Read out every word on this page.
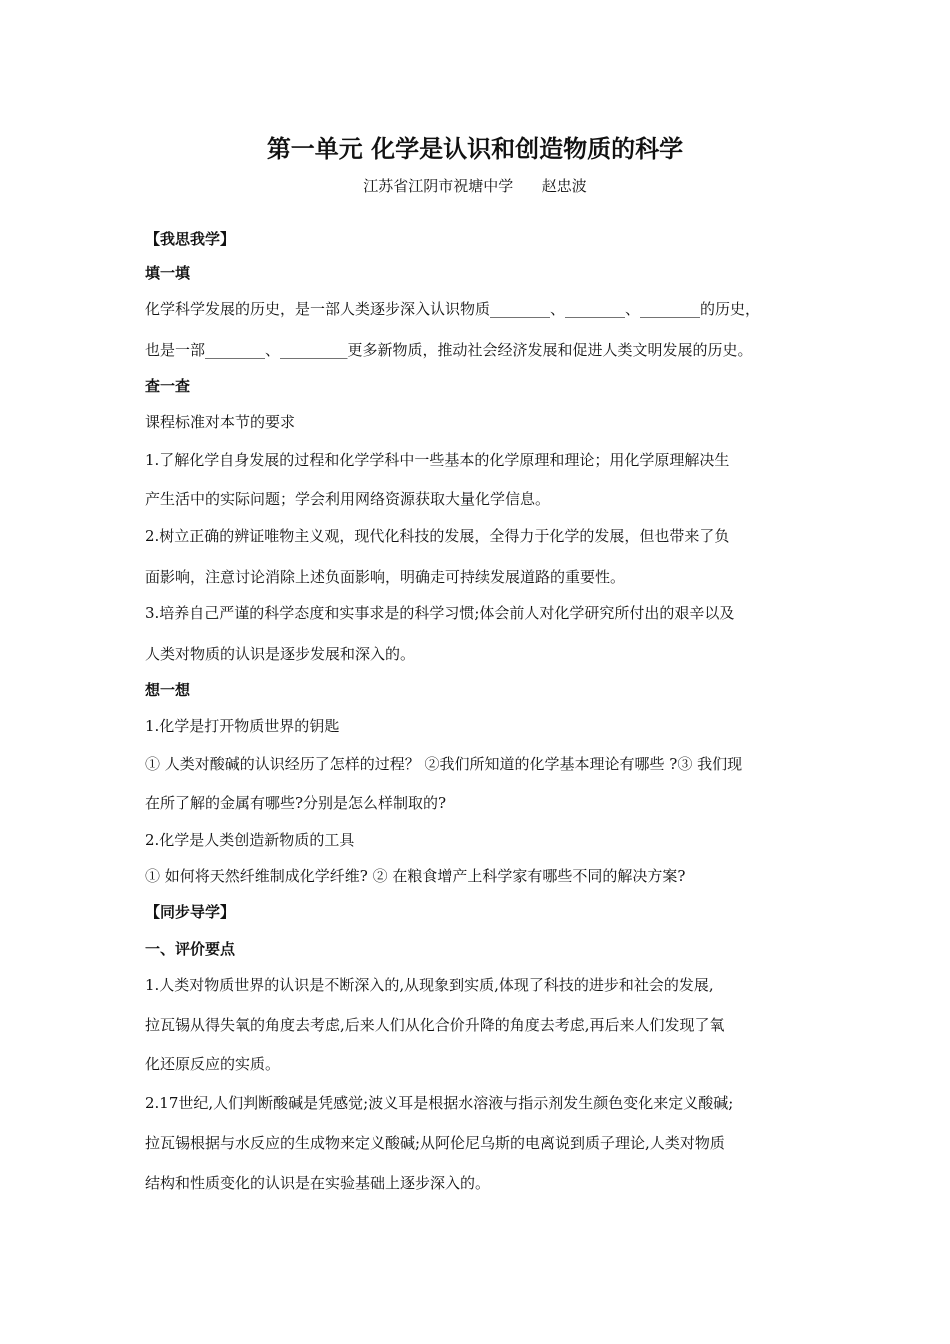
第一单元 化学是认识和创造物质的科学

江苏省江阴市祝塘中学      赵忠波

【我思我学】

填一填

化学科学发展的历史，是一部人类逐步深入认识物质________、________、________的历史，

也是一部________、_________更多新物质，推动社会经济发展和促进人类文明发展的历史。

查一查

课程标准对本节的要求

1.了解化学自身发展的过程和化学学科中一些基本的化学原理和理论；用化学原理解决生

产生活中的实际问题；学会利用网络资源获取大量化学信息。

2.树立正确的辨证唯物主义观，现代化科技的发展，全得力于化学的发展，但也带来了负

面影响，注意讨论消除上述负面影响，明确走可持续发展道路的重要性。

3.培养自己严谨的科学态度和实事求是的科学习惯;体会前人对化学研究所付出的艰辛以及

人类对物质的认识是逐步发展和深入的。

想一想

1.化学是打开物质世界的钥匙

① 人类对酸碱的认识经历了怎样的过程？ ②我们所知道的化学基本理论有哪些 ?③ 我们现

在所了解的金属有哪些?分别是怎么样制取的?

2.化学是人类创造新物质的工具

① 如何将天然纤维制成化学纤维? ② 在粮食增产上科学家有哪些不同的解决方案?

【同步导学】

一、评价要点

1.人类对物质世界的认识是不断深入的,从现象到实质,体现了科技的进步和社会的发展,

拉瓦锡从得失氧的角度去考虑,后来人们从化合价升降的角度去考虑,再后来人们发现了氧

化还原反应的实质。

2.17世纪,人们判断酸碱是凭感觉;波义耳是根据水溶液与指示剂发生颜色变化来定义酸碱;

拉瓦锡根据与水反应的生成物来定义酸碱;从阿伦尼乌斯的电离说到质子理论,人类对物质

结构和性质变化的认识是在实验基础上逐步深入的。
